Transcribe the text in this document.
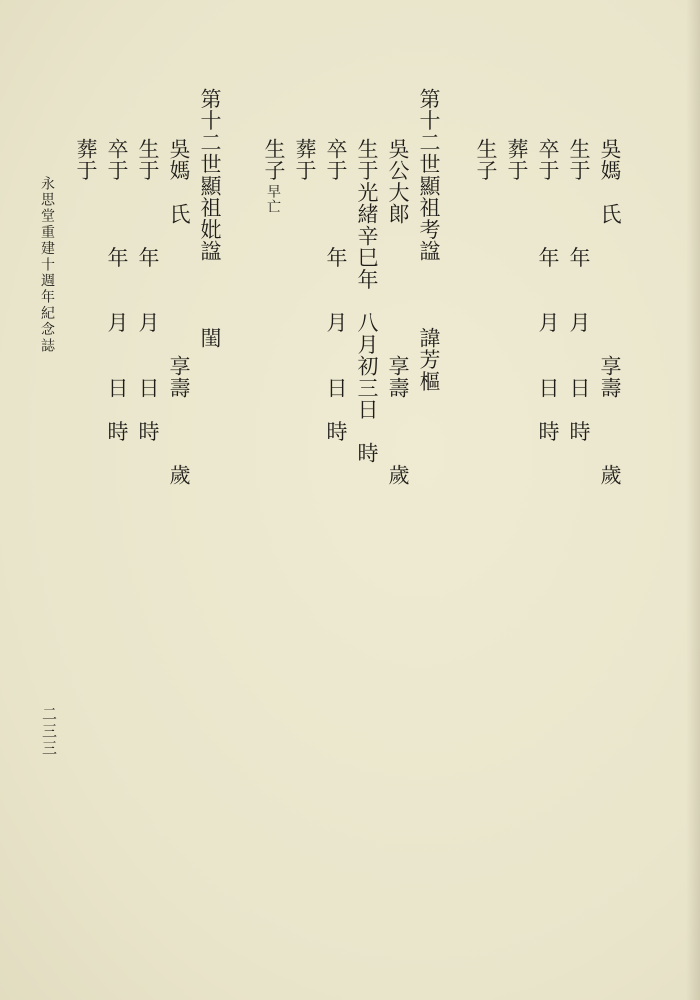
吳媽　氏　　　　　　享壽　　　歲
生于　　　年　　月　　日　時
卒于　　　年　　月　　日　時
葬于
生子
第十二世顯祖考諡　　　諱芳樞
吳公大郞　　　　　　享壽　　　歲
生于光緒辛巳年　八月初三日　時
卒于　　　年　　月　　日　時
葬于
生子
早亡
第十二世顯祖妣諡　　　閨
吳媽　氏　　　　　　享壽　　　歲
生于　　　年　　月　　日　時
卒于　　　年　　月　　日　時
葬于
永思堂重建十週年紀念誌
二三三
